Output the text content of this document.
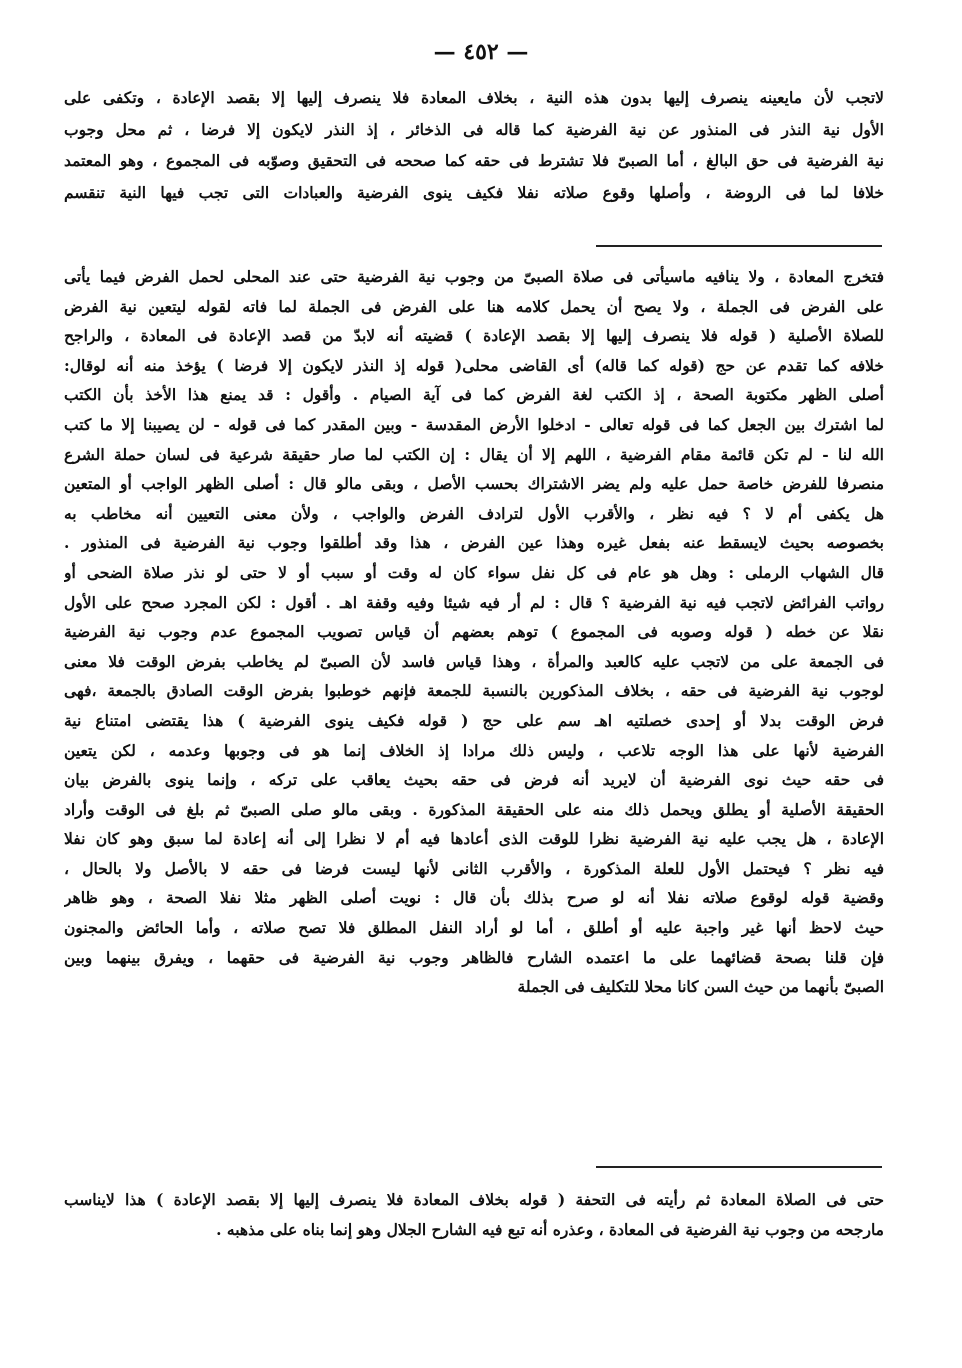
— ٤٥٢ —
لاتجب لأن مايعينه ينصرف إليها بدون هذه النية ، بخلاف المعادة فلا ينصرف إليها إلا بقصد الإعادة ، وتكفى على
الأول نية النذر فى المنذور عن نية الفرضية كما قاله فى الذخائر ، إذ النذر لايكون إلا فرضا ، ثم محل وجوب
نية الفرضية فى حق البالغ ، أما الصبىّ فلا تشترط فى حقه كما صححه فى التحقيق وصوّبه فى المجموع ، وهو المعتمد
خلافا لما فى الروضة ، وأصلها وقوع صلاته نفلا فكيف ينوى الفرضية والعبادات التى تجب فيها النية تنقسم
فتخرج المعادة ، ولا ينافيه ماسيأتى فى صلاة الصبىّ من وجوب نية الفرضية حتى عند المحلى لحمل الفرض فيما يأتى
على الفرض فى الجملة ، ولا يصح أن يحمل كلامه هنا على الفرض فى الجملة لما فاته لقوله ليتعين نية الفرض
للصلاة الأصلية ( قوله فلا ينصرف إليها إلا بقصد الإعادة ) قضيته أنه لابدّ من قصد الإعادة فى المعادة ، والراجح
خلافه كما تقدم عن حج (قوله كما قاله) أى القاضى محلى( قوله إذ النذر لايكون إلا فرضا ) يؤخذ منه أنه لوقال:
أصلى الظهر مكتوبة الصحة ، إذ الكتب لغة الفرض كما فى آية الصيام . وأقول : قد يمنع هذا الأخذ بأن الكتب
لما اشترك بين الجعل كما فى قوله تعالى - ادخلوا الأرض المقدسة - وبين المقدر كما فى قوله - لن يصيبنا إلا ما كتب
الله لنا - لم تكن قائمة مقام الفرضية ، اللهم إلا أن يقال : إن الكتب لما صار حقيقة شرعية فى لسان حملة الشرع
منصرفا للفرض خاصة حمل عليه ولم يضر الاشتراك بحسب الأصل ، وبقى مالو قال : أصلى الظهر الواجب أو المتعين
هل يكفى أم لا ؟ فيه نظر ، والأقرب الأول لترادف الفرض والواجب ، ولأن معنى التعيين أنه مخاطب به
بخصوصه بحيث لايسقط عنه بفعل غيره وهذا عين الفرض ، هذا وقد أطلقوا وجوب نية الفرضية فى المنذور .
قال الشهاب الرملى : وهل هو عام فى كل نفل سواء كان له وقت أو سبب أو لا حتى لو نذر صلاة الضحى أو
رواتب الفرائض لاتجب فيه نية الفرضية ؟ قال : لم أر فيه شيئا وفيه وقفة اهـ . أقول : لكن المجرد صحح على الأول
نقلا عن خطه ( قوله وصوبه فى المجموع ) توهم بعضهم أن قياس تصويب المجموع عدم وجوب نية الفرضية
فى الجمعة على من لاتجب عليه كالعبد والمرأة ، وهذا قياس فاسد لأن الصبىّ لم يخاطب بفرض الوقت فلا معنى
لوجوب نية الفرضية فى حقه ، بخلاف المذكورين بالنسبة للجمعة فإنهم خوطبوا بفرض الوقت الصادق بالجمعة ،فهى
فرض الوقت بدلا أو إحدى خصلتيه اهـ سم على حج ( قوله فكيف ينوى الفرضية ) هذا يقتضى امتناع نية
الفرضية لأنها على هذا الوجه تلاعب ، وليس ذلك مرادا إذ الخلاف إنما هو فى وجوبها وعدمه ، لكن يتعين
فى حقه حيث نوى الفرضية أن لايريد أنه فرض فى حقه بحيث يعاقب على تركه ، وإنما ينوى بالفرض بيان
الحقيقة الأصلية أو يطلق ويحمل ذلك منه على الحقيقة المذكورة . وبقى مالو صلى الصبىّ ثم بلغ فى الوقت وأراد
الإعادة ، هل يجب عليه نية الفرضية نظرا للوقت الذى أعادها فيه أم لا نظرا إلى أنه إعادة لما سبق وهو كان نفلا
فيه نظر ؟ فيحتمل الأول للعلة المذكورة ، والأقرب الثانى لأنها ليست فرضا فى حقه لا بالأصل ولا بالحال ،
وقضية قوله لوقوع صلاته نفلا أنه لو صرح بذلك بأن قال : نويت أصلى الظهر مثلا نفلا الصحة ، وهو ظاهر
حيث لاحظ أنها غير واجبة عليه أو أطلق ، أما لو أراد النفل المطلق فلا تصح صلاته ، وأما الحائض والمجنون
فإن قلنا بصحة قضائهما على ما اعتمده الشارح فالظاهر وجوب نية الفرضية فى حقهما ، ويفرق بينهما وبين
الصبىّ بأنهما من حيث السن كانا محلا للتكليف فى الجملة
حتى فى الصلاة المعادة ثم رأيته فى التحفة ( قوله بخلاف المعادة فلا ينصرف إليها إلا بقصد الإعادة ) هذا لايناسب
مارجحه من وجوب نية الفرضية فى المعادة ، وعذره أنه تبع فيه الشارح الجلال وهو إنما بناه على مذهبه .
